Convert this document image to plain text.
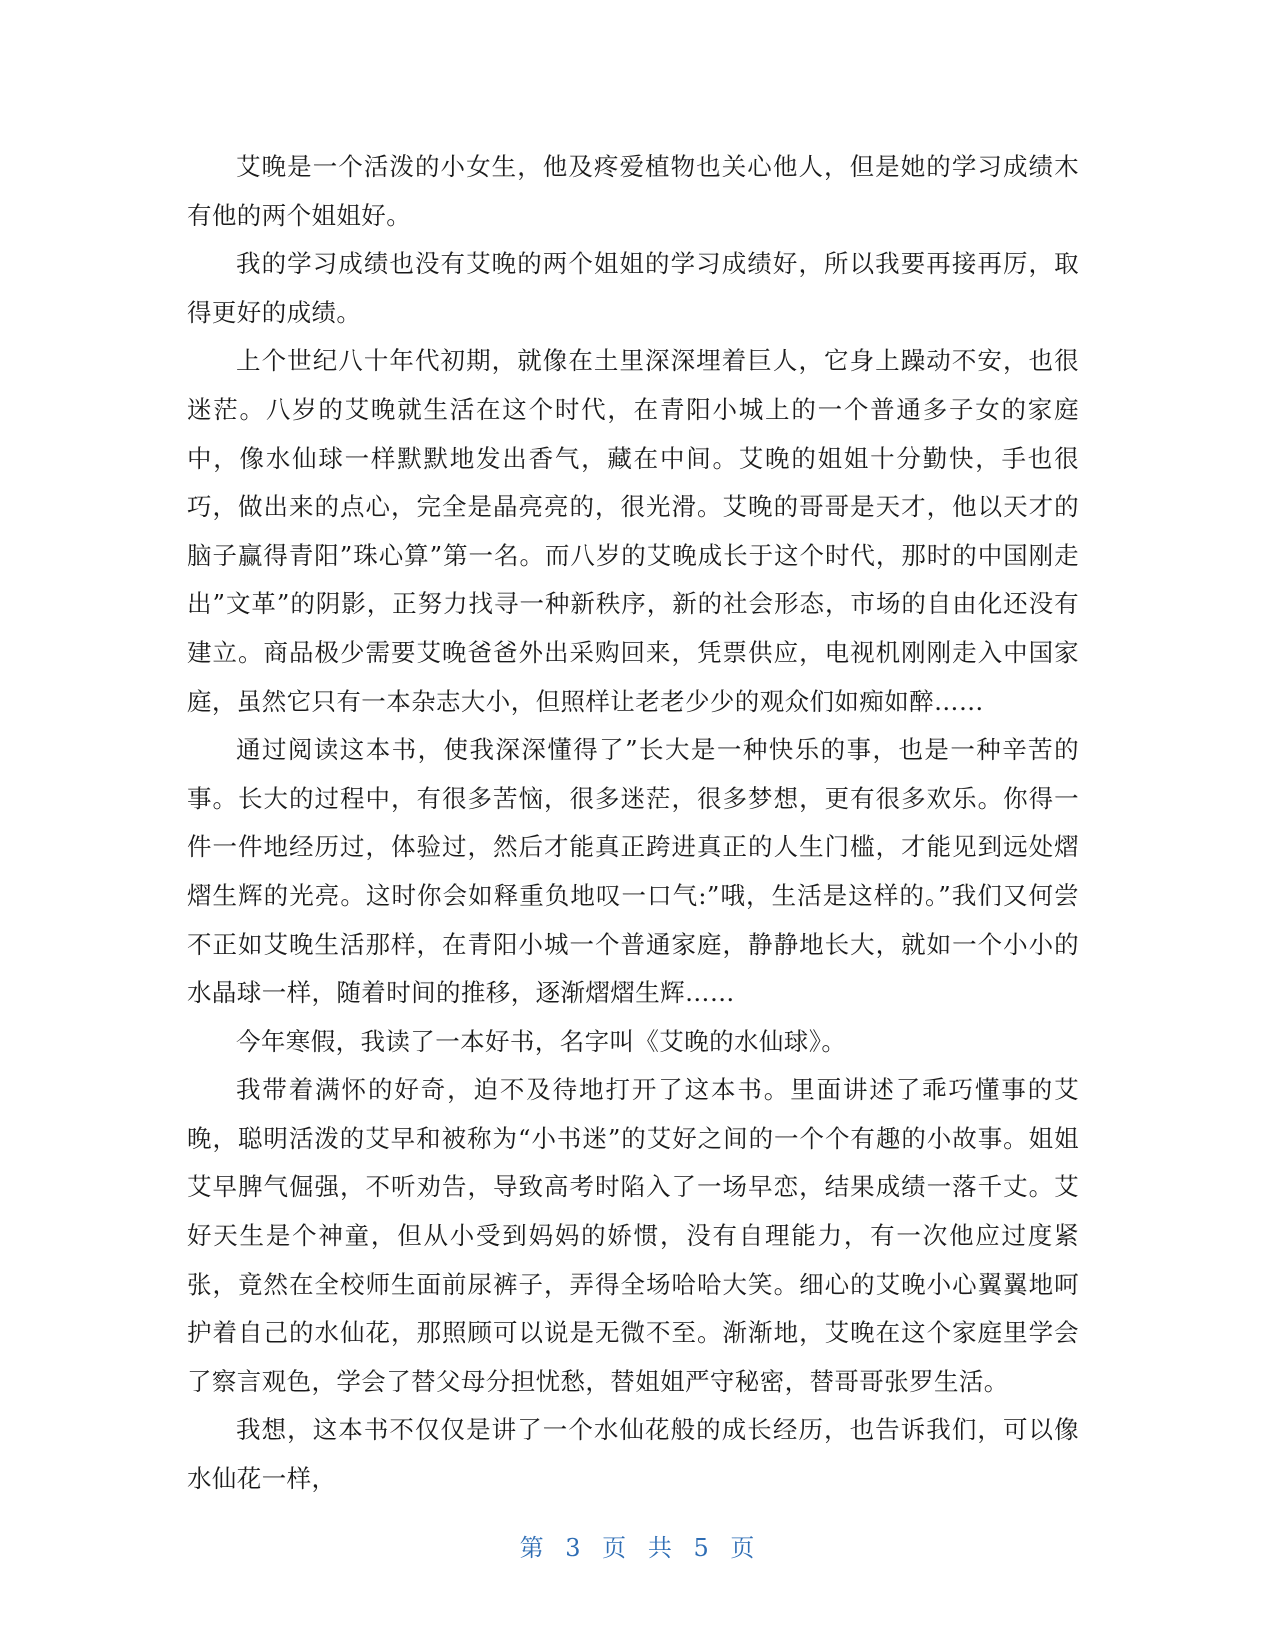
艾晚是一个活泼的小女生，他及疼爱植物也关心他人，但是她的学习成绩木有他的两个姐姐好。

我的学习成绩也没有艾晚的两个姐姐的学习成绩好，所以我要再接再厉，取得更好的成绩。

上个世纪八十年代初期，就像在土里深深埋着巨人，它身上躁动不安，也很迷茫。八岁的艾晚就生活在这个时代，在青阳小城上的一个普通多子女的家庭中，像水仙球一样默默地发出香气，藏在中间。艾晚的姐姐十分勤快，手也很巧，做出来的点心，完全是晶亮亮的，很光滑。艾晚的哥哥是天才，他以天才的脑子赢得青阳”珠心算”第一名。而八岁的艾晚成长于这个时代，那时的中国刚走出”文革”的阴影，正努力找寻一种新秩序，新的社会形态，市场的自由化还没有建立。商品极少需要艾晚爸爸外出采购回来，凭票供应，电视机刚刚走入中国家庭，虽然它只有一本杂志大小，但照样让老老少少的观众们如痴如醉……

通过阅读这本书，使我深深懂得了”长大是一种快乐的事，也是一种辛苦的事。长大的过程中，有很多苦恼，很多迷茫，很多梦想，更有很多欢乐。你得一件一件地经历过，体验过，然后才能真正跨进真正的人生门槛，才能见到远处熠熠生辉的光亮。这时你会如释重负地叹一口气:”哦，生活是这样的。”我们又何尝不正如艾晚生活那样，在青阳小城一个普通家庭，静静地长大，就如一个小小的水晶球一样，随着时间的推移，逐渐熠熠生辉……

今年寒假，我读了一本好书，名字叫《艾晚的水仙球》。

我带着满怀的好奇，迫不及待地打开了这本书。里面讲述了乖巧懂事的艾晚，聪明活泼的艾早和被称为“小书迷”的艾好之间的一个个有趣的小故事。姐姐艾早脾气倔强，不听劝告，导致高考时陷入了一场早恋，结果成绩一落千丈。艾好天生是个神童，但从小受到妈妈的娇惯，没有自理能力，有一次他应过度紧张，竟然在全校师生面前尿裤子，弄得全场哈哈大笑。细心的艾晚小心翼翼地呵护着自己的水仙花，那照顾可以说是无微不至。渐渐地，艾晚在这个家庭里学会了察言观色，学会了替父母分担忧愁，替姐姐严守秘密，替哥哥张罗生活。

我想，这本书不仅仅是讲了一个水仙花般的成长经历，也告诉我们，可以像水仙花一样，

第 3 页 共 5 页
